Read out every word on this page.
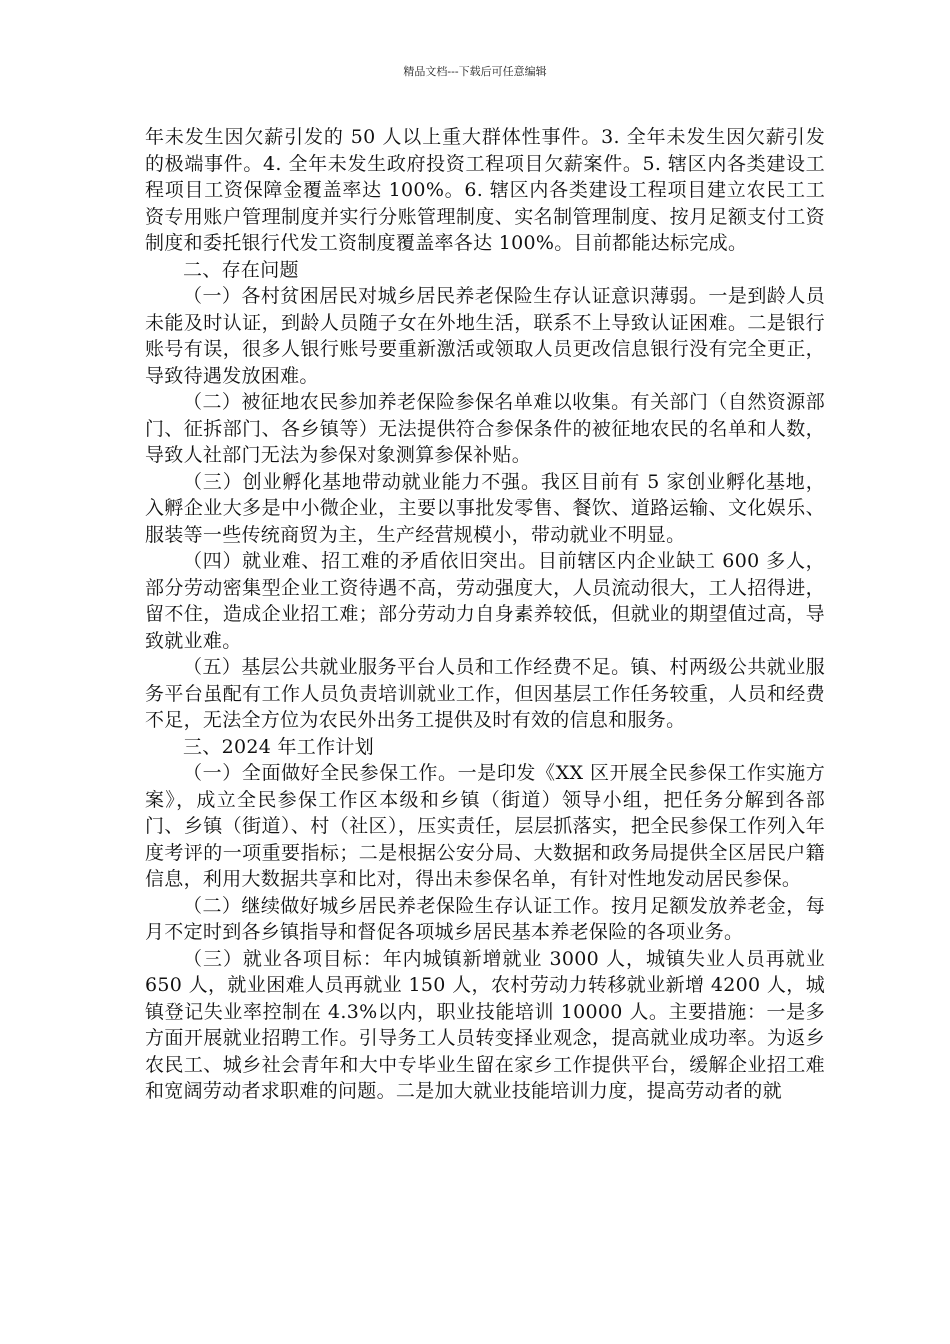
精品文档---下载后可任意编辑

年未发生因欠薪引发的 50 人以上重大群体性事件。3. 全年未发生因欠薪引发的极端事件。4. 全年未发生政府投资工程项目欠薪案件。5. 辖区内各类建设工程项目工资保障金覆盖率达 100%。6. 辖区内各类建设工程项目建立农民工工资专用账户管理制度并实行分账管理制度、实名制管理制度、按月足额支付工资制度和委托银行代发工资制度覆盖率各达 100%。目前都能达标完成。

二、存在问题

（一）各村贫困居民对城乡居民养老保险生存认证意识薄弱。一是到龄人员未能及时认证，到龄人员随子女在外地生活，联系不上导致认证困难。二是银行账号有误，很多人银行账号要重新激活或领取人员更改信息银行没有完全更正，导致待遇发放困难。

（二）被征地农民参加养老保险参保名单难以收集。有关部门（自然资源部门、征拆部门、各乡镇等）无法提供符合参保条件的被征地农民的名单和人数，导致人社部门无法为参保对象测算参保补贴。

（三）创业孵化基地带动就业能力不强。我区目前有 5 家创业孵化基地，入孵企业大多是中小微企业，主要以事批发零售、餐饮、道路运输、文化娱乐、服装等一些传统商贸为主，生产经营规模小，带动就业不明显。

（四）就业难、招工难的矛盾依旧突出。目前辖区内企业缺工 600 多人，部分劳动密集型企业工资待遇不高，劳动强度大，人员流动很大，工人招得进，留不住，造成企业招工难；部分劳动力自身素养较低，但就业的期望值过高，导致就业难。

（五）基层公共就业服务平台人员和工作经费不足。镇、村两级公共就业服务平台虽配有工作人员负责培训就业工作，但因基层工作任务较重，人员和经费不足，无法全方位为农民外出务工提供及时有效的信息和服务。

三、2024 年工作计划

（一）全面做好全民参保工作。一是印发《XX 区开展全民参保工作实施方案》，成立全民参保工作区本级和乡镇（街道）领导小组，把任务分解到各部门、乡镇（街道）、村（社区），压实责任，层层抓落实，把全民参保工作列入年度考评的一项重要指标；二是根据公安分局、大数据和政务局提供全区居民户籍信息，利用大数据共享和比对，得出未参保名单，有针对性地发动居民参保。

（二）继续做好城乡居民养老保险生存认证工作。按月足额发放养老金，每月不定时到各乡镇指导和督促各项城乡居民基本养老保险的各项业务。

（三）就业各项目标：年内城镇新增就业 3000 人，城镇失业人员再就业 650 人，就业困难人员再就业 150 人，农村劳动力转移就业新增 4200 人，城镇登记失业率控制在 4.3%以内，职业技能培训 10000 人。主要措施：一是多方面开展就业招聘工作。引导务工人员转变择业观念，提高就业成功率。为返乡农民工、城乡社会青年和大中专毕业生留在家乡工作提供平台，缓解企业招工难和宽阔劳动者求职难的问题。二是加大就业技能培训力度，提高劳动者的就
